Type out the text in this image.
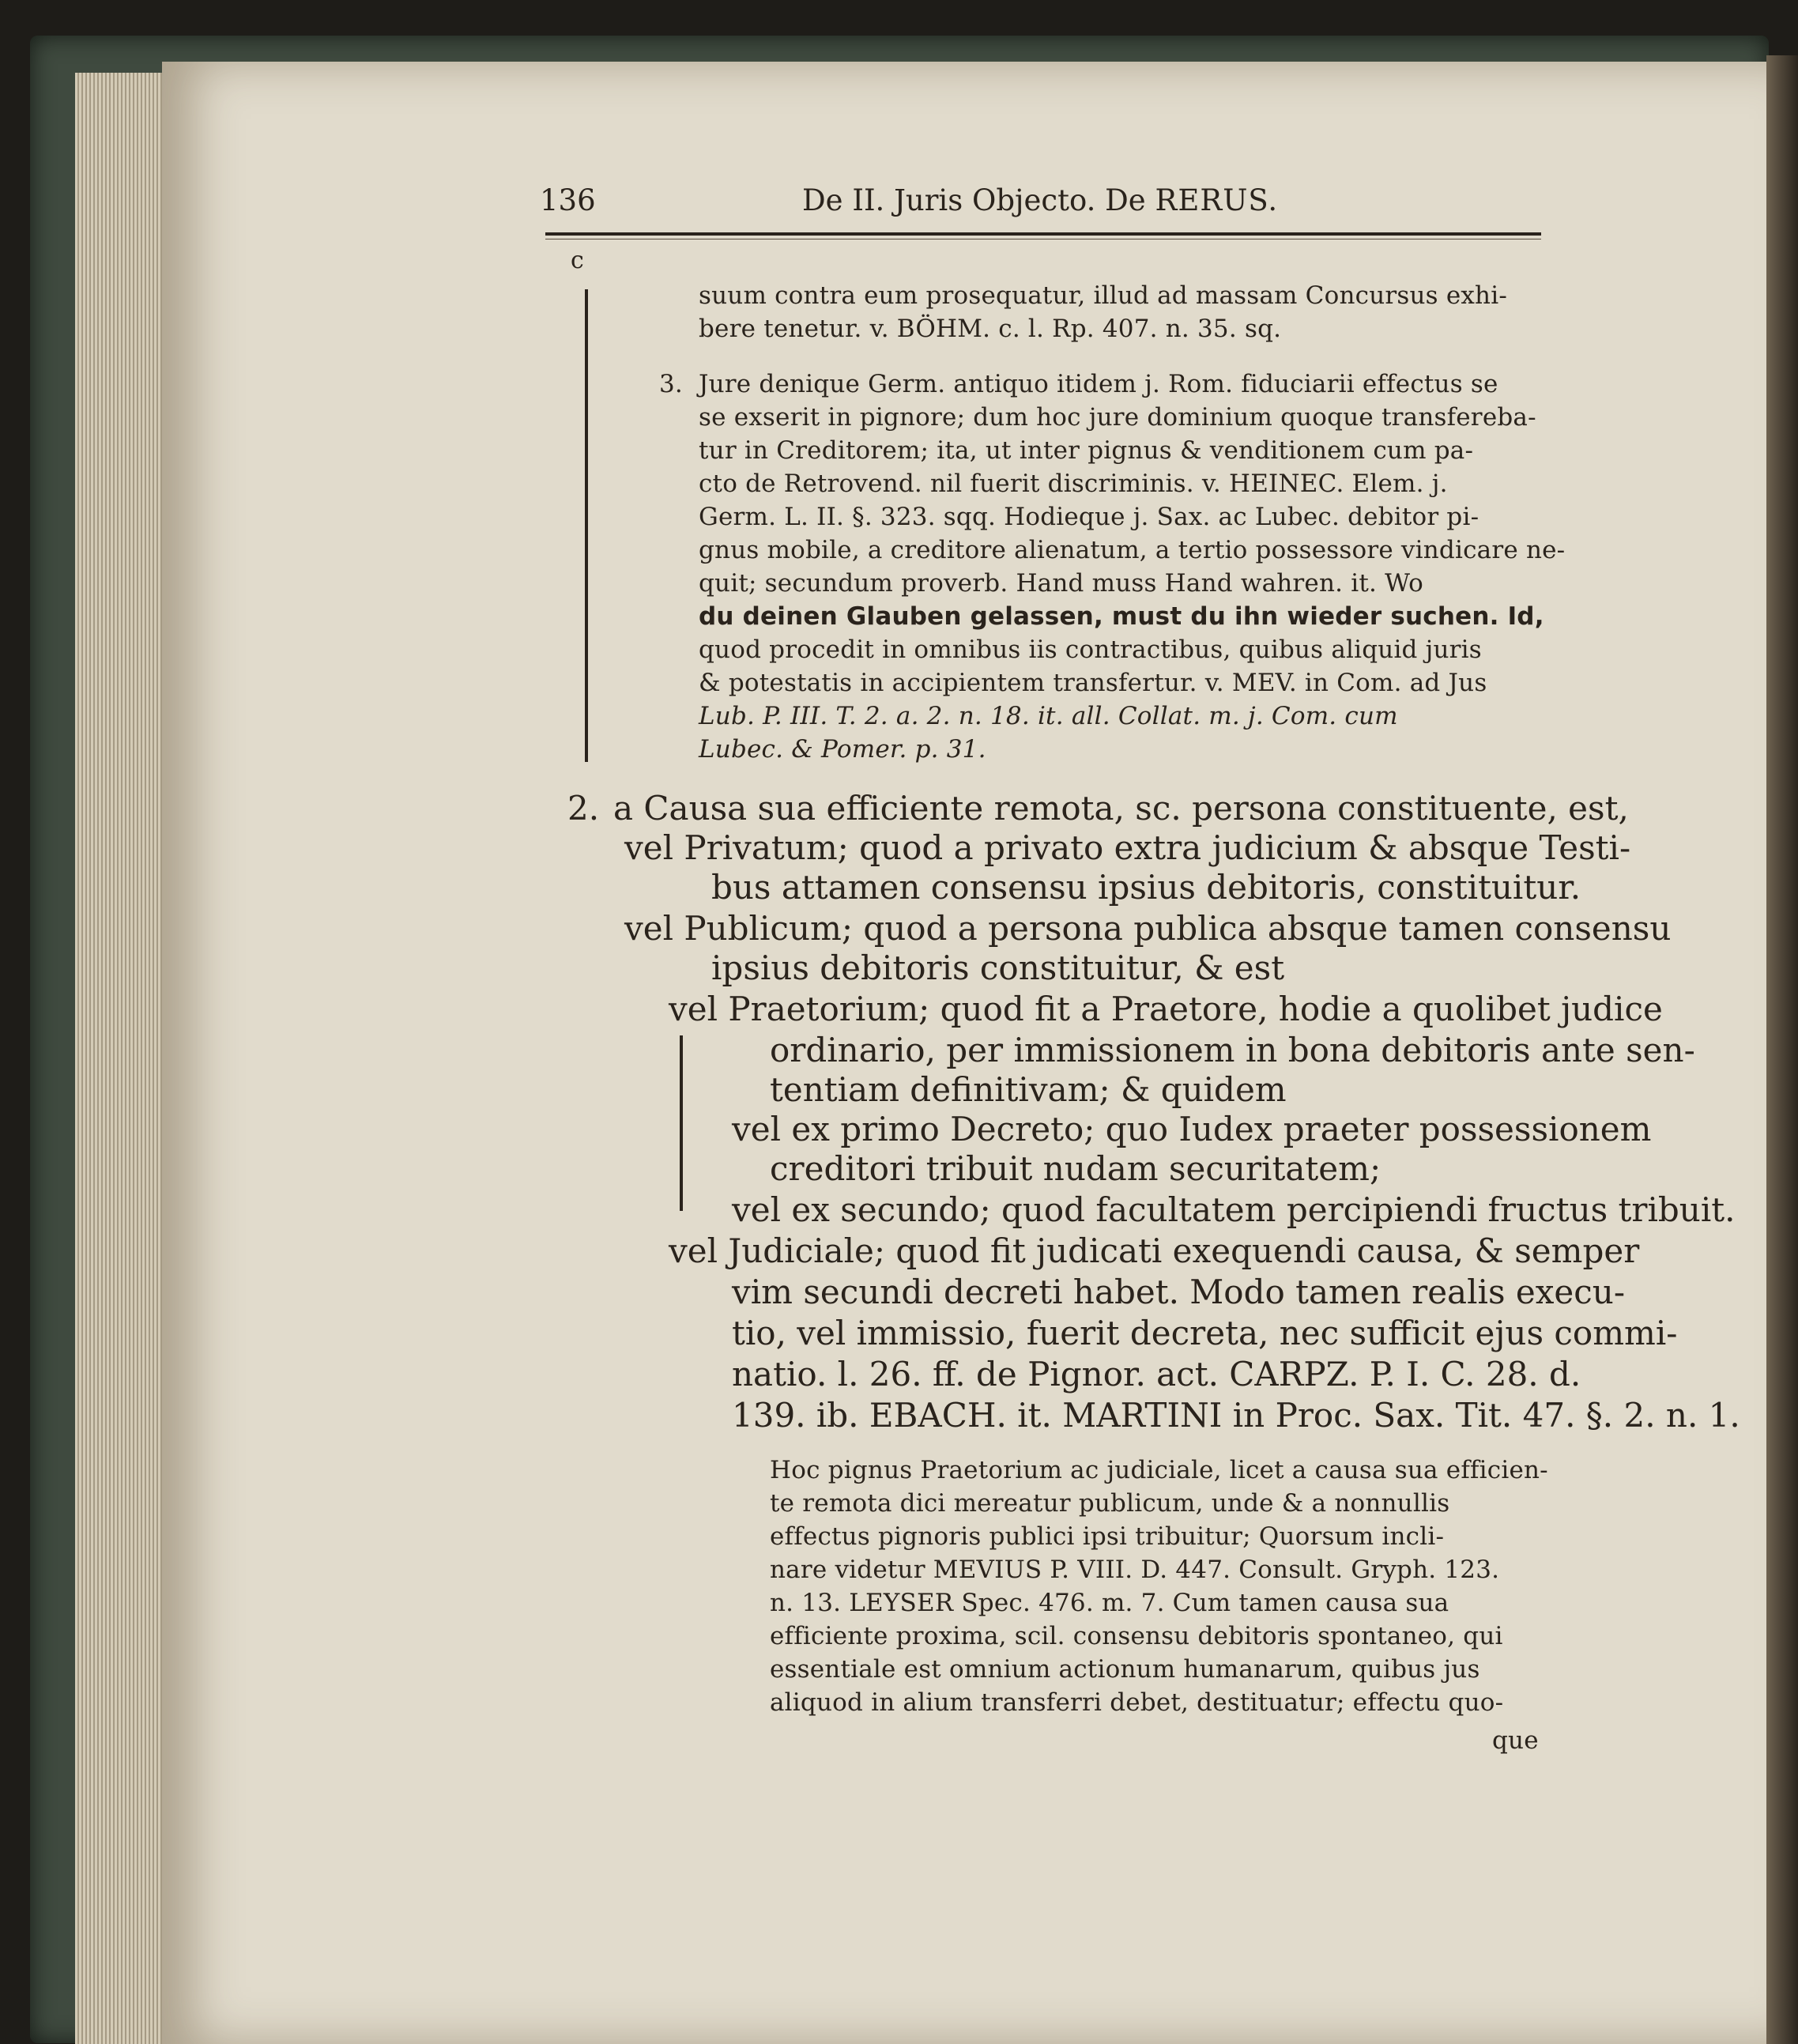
136	De II. Juris Objecto. De RERUS.
c
suum contra eum prosequatur, illud ad massam Concursus exhi-
bere tenetur. v. BÖHM. c. l. Rp. 407. n. 35. sq.
3. Jure denique Germ. antiquo itidem j. Rom. fiduciarii effectus se
se exserit in pignore; dum hoc jure dominium quoque transfereba-
tur in Creditorem; ita, ut inter pignus & venditionem cum pa-
cto de Retrovend. nil fuerit discriminis. v. HEINEC. Elem. j.
Germ. L. II. §. 323. sqq. Hodieque j. Sax. ac Lubec. debitor pi-
gnus mobile, a creditore alienatum, a tertio possessore vindicare ne-
quit; secundum proverb. Hand muss Hand wahren. it. Wo
du deinen Glauben gelassen, must du ihn wieder suchen. Id,
quod procedit in omnibus iis contractibus, quibus aliquid juris
& potestatis in accipientem transfertur. v. MEV. in Com. ad Jus
Lub. P. III. T. 2. a. 2. n. 18. it. all. Collat. m. j. Com. cum
Lubec. & Pomer. p. 31.
2. a Causa sua efficiente remota, sc. persona constituente, est,
vel Privatum; quod a privato extra judicium & absque Testi-
bus attamen consensu ipsius debitoris, constituitur.
vel Publicum; quod a persona publica absque tamen consensu
ipsius debitoris constituitur, & est
vel Praetorium; quod fit a Praetore, hodie a quolibet judice
ordinario, per immissionem in bona debitoris ante sen-
tentiam definitivam; & quidem
vel ex primo Decreto; quo Iudex praeter possessionem
creditori tribuit nudam securitatem;
vel ex secundo; quod facultatem percipiendi fructus tribuit.
vel Judiciale; quod fit judicati exequendi causa, & semper
vim secundi decreti habet. Modo tamen realis execu-
tio, vel immissio, fuerit decreta, nec sufficit ejus commi-
natio. l. 26. ff. de Pignor. act. CARPZ. P. I. C. 28. d.
139. ib. EBACH. it. MARTINI in Proc. Sax. Tit. 47. §. 2. n. 1.
Hoc pignus Praetorium ac judiciale, licet a causa sua efficien-
te remota dici mereatur publicum, unde & a nonnullis
effectus pignoris publici ipsi tribuitur; Quorsum incli-
nare videtur MEVIUS P. VIII. D. 447. Consult. Gryph. 123.
n. 13. LEYSER Spec. 476. m. 7. Cum tamen causa sua
efficiente proxima, scil. consensu debitoris spontaneo, qui
essentiale est omnium actionum humanarum, quibus jus
aliquod in alium transferri debet, destituatur; effectu quo-
que
